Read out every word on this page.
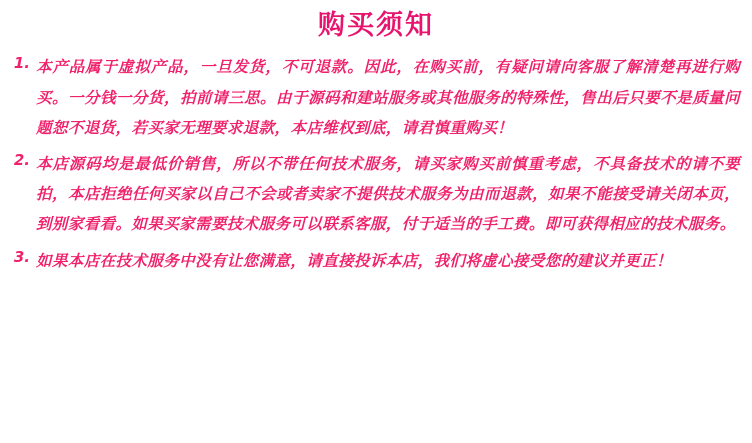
购买须知
1. 本产品属于虚拟产品，一旦发货，不可退款。因此，在购买前，有疑问请向客服了解清楚再进行购买。一分钱一分货，拍前请三思。由于源码和建站服务或其他服务的特殊性，售出后只要不是质量问题恕不退货，若买家无理要求退款，本店维权到底，请君慎重购买！
2. 本店源码均是最低价销售，所以不带任何技术服务，请买家购买前慎重考虑，不具备技术的请不要拍，本店拒绝任何买家以自己不会或者卖家不提供技术服务为由而退款，如果不能接受请关闭本页，到别家看看。如果买家需要技术服务可以联系客服，付于适当的手工费。即可获得相应的技术服务。
3. 如果本店在技术服务中没有让您满意，请直接投诉本店，我们将虚心接受您的建议并更正！
